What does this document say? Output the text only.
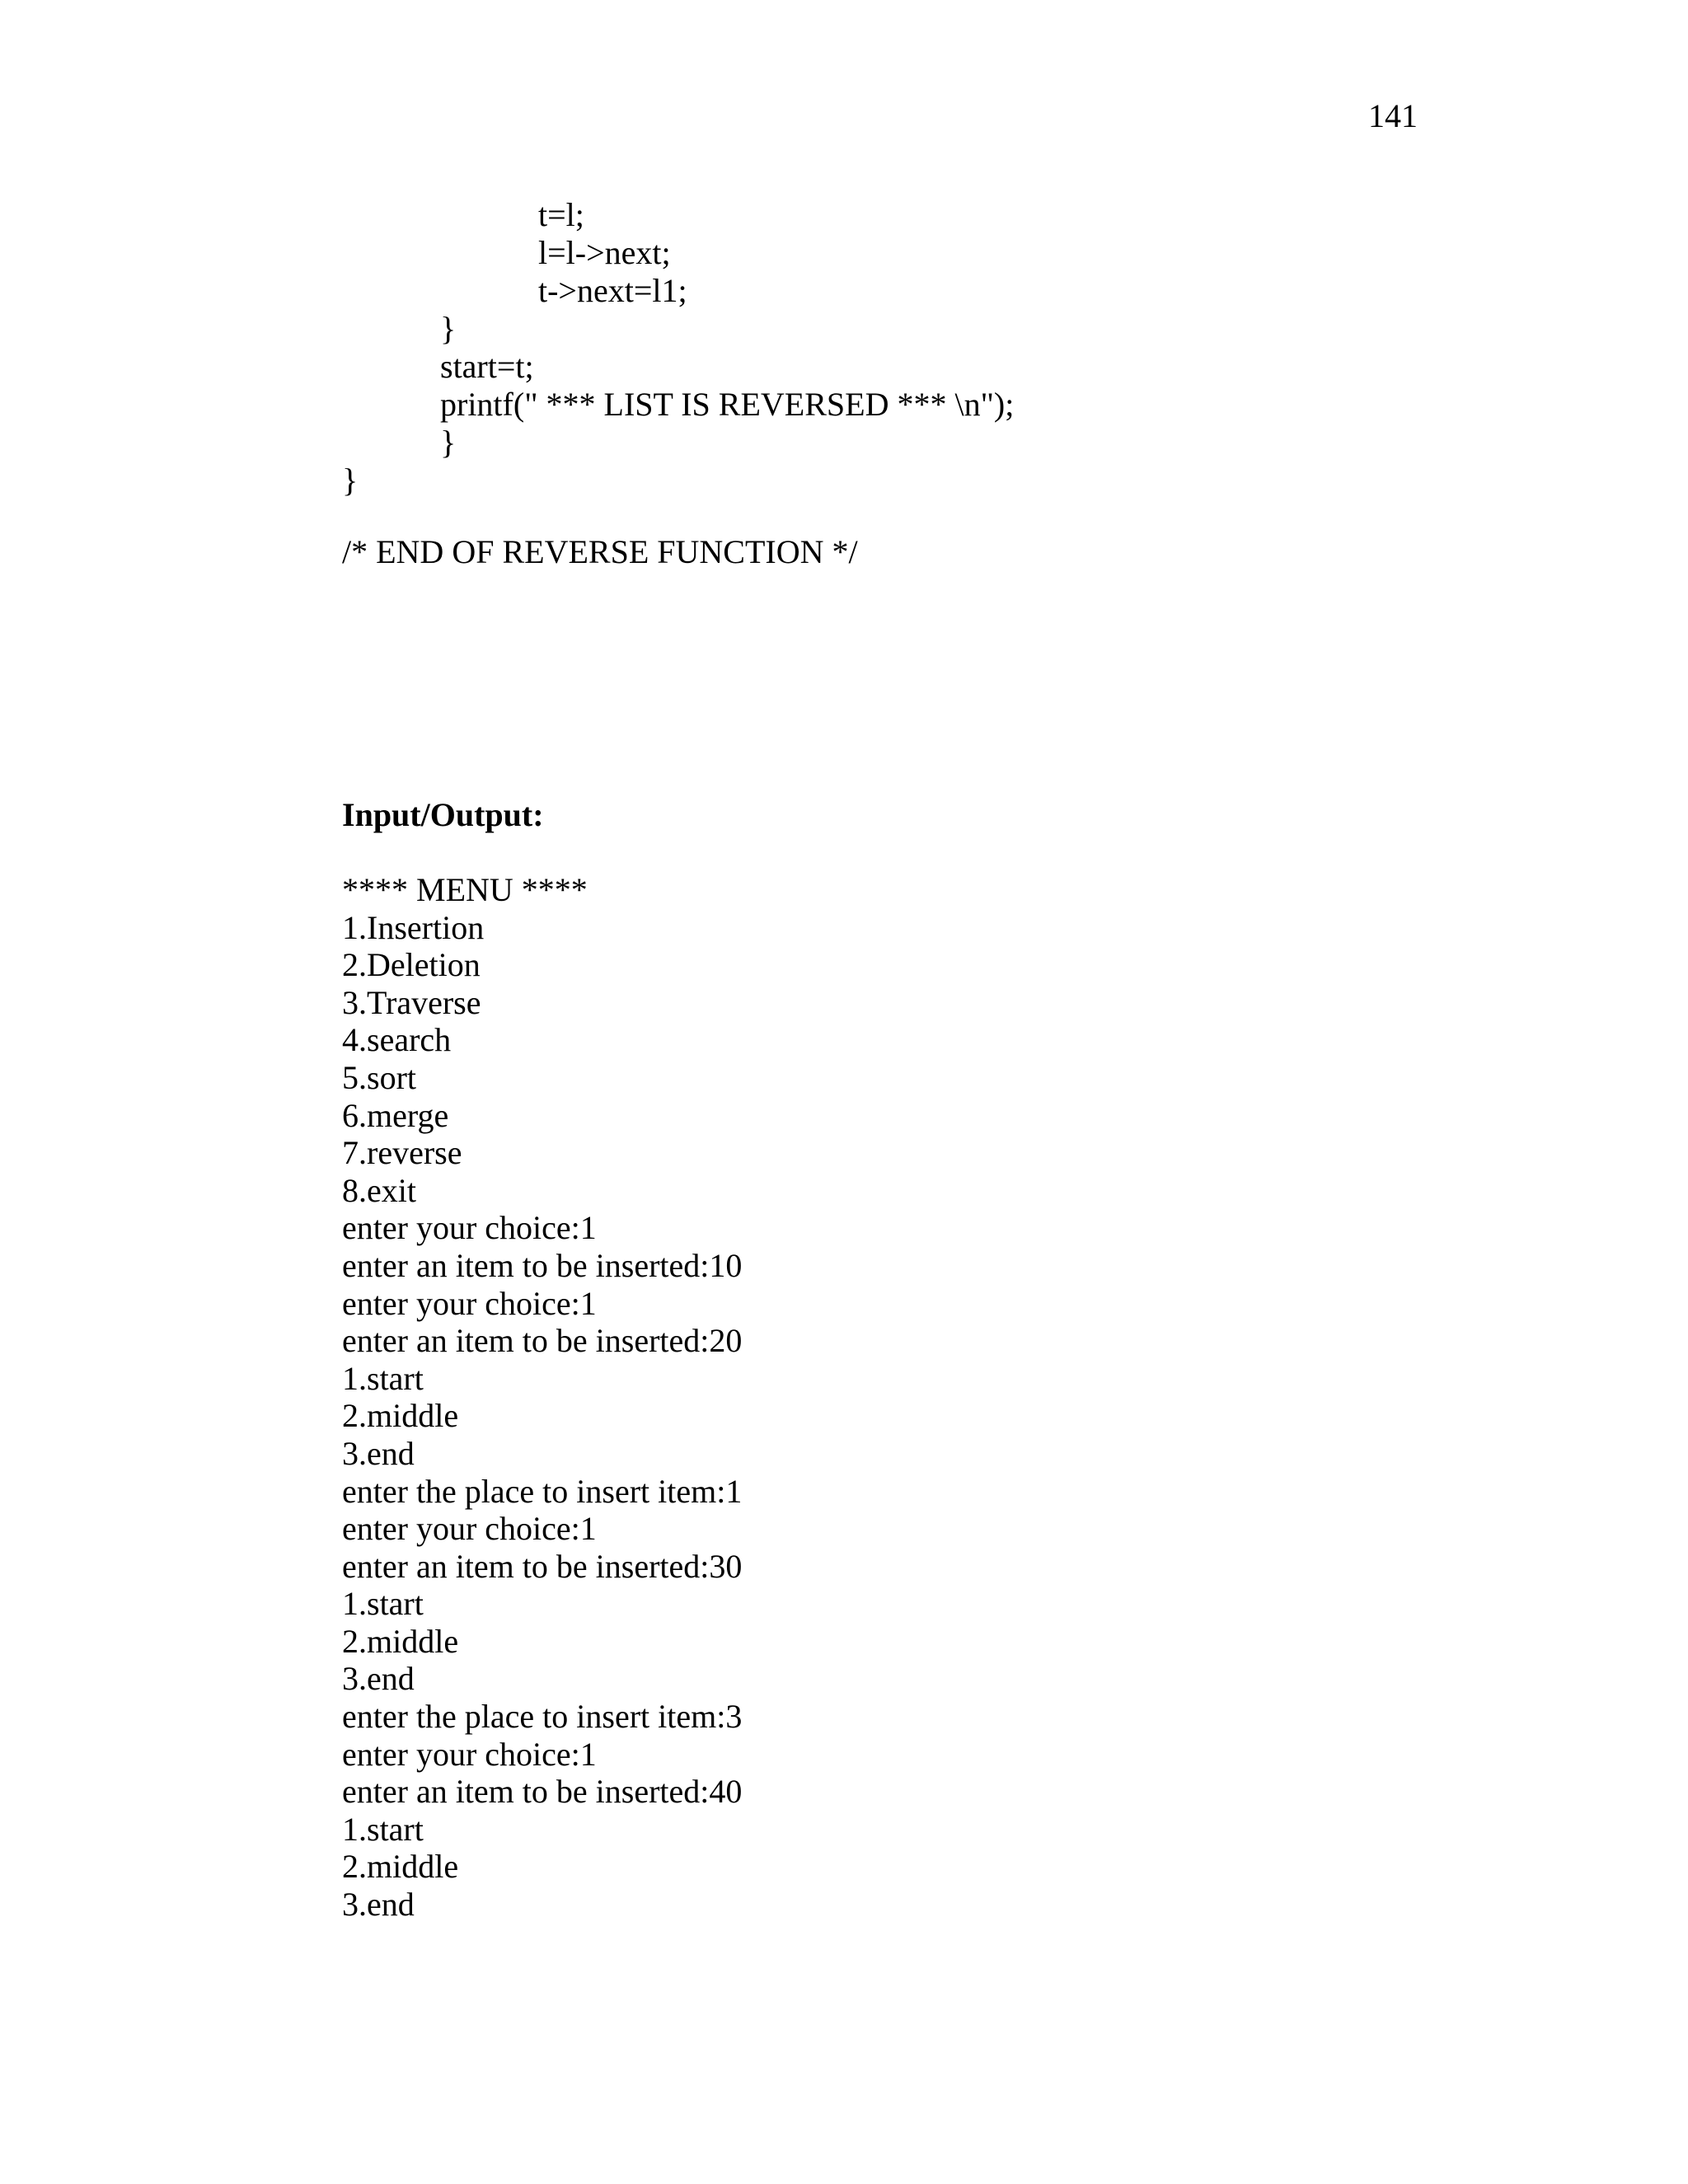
141
t=l;
l=l->next;
t->next=l1;
}
start=t;
printf(" *** LIST IS REVERSED *** \n");
}
}
/* END OF REVERSE FUNCTION */
Input/Output:
**** MENU ****
1.Insertion
2.Deletion
3.Traverse
4.search
5.sort
6.merge
7.reverse
8.exit
enter your choice:1
enter an item to be inserted:10
enter your choice:1
enter an item to be inserted:20
1.start
2.middle
3.end
enter the place to insert item:1
enter your choice:1
enter an item to be inserted:30
1.start
2.middle
3.end
enter the place to insert item:3
enter your choice:1
enter an item to be inserted:40
1.start
2.middle
3.end
